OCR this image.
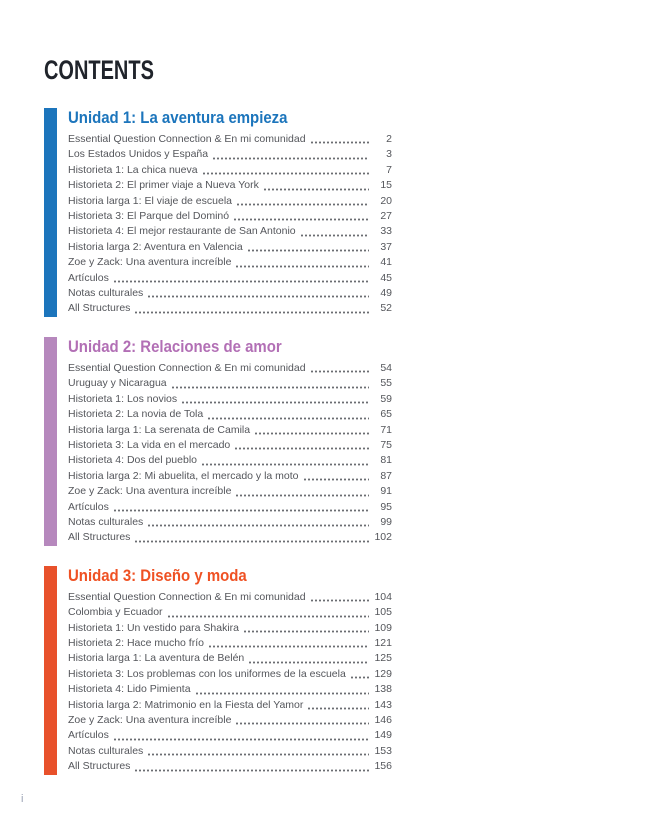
CONTENTS
Unidad 1: La aventura empieza
Essential Question Connection & En mi comunidad	2
Los Estados Unidos y España	3
Historieta 1: La chica nueva	7
Historieta 2: El primer viaje a Nueva York	15
Historia larga 1: El viaje de escuela	20
Historieta 3: El Parque del Dominó	27
Historieta 4: El mejor restaurante de San Antonio	33
Historia larga 2: Aventura en Valencia	37
Zoe y Zack: Una aventura increíble	41
Artículos	45
Notas culturales	49
All Structures	52
Unidad 2: Relaciones de amor
Essential Question Connection & En mi comunidad	54
Uruguay y Nicaragua	55
Historieta 1: Los novios	59
Historieta 2: La novia de Tola	65
Historia larga 1: La serenata de Camila	71
Historieta 3: La vida en el mercado	75
Historieta 4: Dos del pueblo	81
Historia larga 2: Mi abuelita, el mercado y la moto	87
Zoe y Zack: Una aventura increíble	91
Artículos	95
Notas culturales	99
All Structures	102
Unidad 3: Diseño y moda
Essential Question Connection & En mi comunidad	104
Colombia y Ecuador	105
Historieta 1: Un vestido para Shakira	109
Historieta 2: Hace mucho frío	121
Historia larga 1: La aventura de Belén	125
Historieta 3: Los problemas con los uniformes de la escuela	129
Historieta 4: Lido Pimienta	138
Historia larga 2: Matrimonio en la Fiesta del Yamor	143
Zoe y Zack: Una aventura increíble	146
Artículos	149
Notas culturales	153
All Structures	156
i
